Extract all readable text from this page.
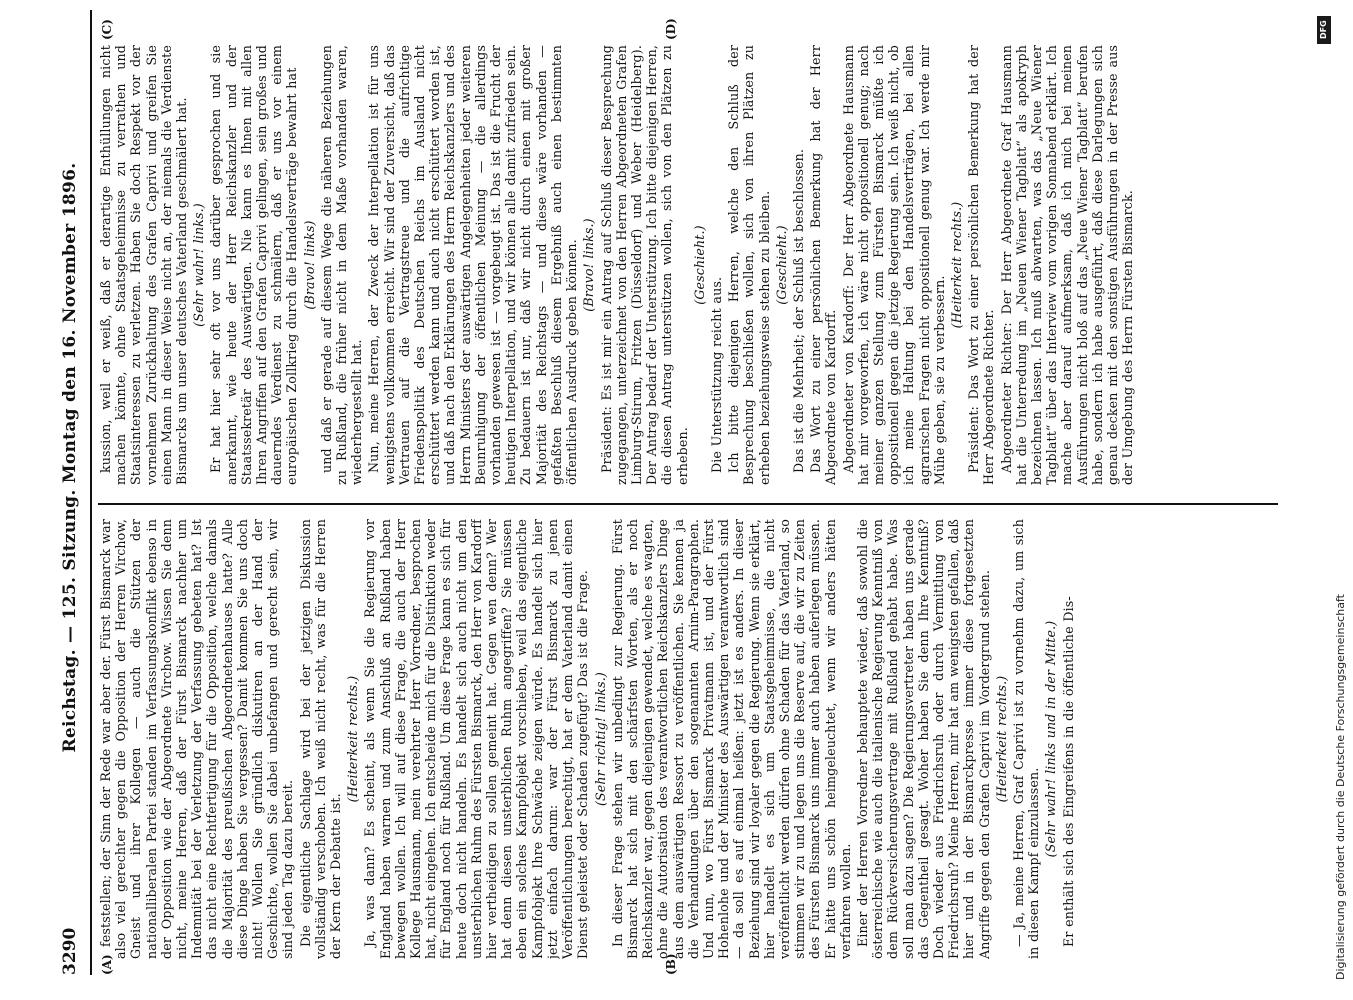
3290
Reichstag. — 125. Sitzung. Montag den 16. November 1896.
(A)	(B)
(C)	(D)

feststellen; der Sinn der Rede war aber der. Fürst Bismarck war also viel gerechter gegen die Opposition der Herren Virchow, Gneist und ihrer Kollegen — auch die Stützen der nationalliberalen Partei standen im Verfassungskonflikt ebenso in der Opposition wie der Abgeordnete Virchow. Wissen Sie denn nicht, meine Herren, daß der Fürst Bismarck nachher um Indemnität bei der Verletzung der Verfassung gebeten hat? Ist das nicht eine Rechtfertigung für die Opposition, welche damals die Majorität des preußischen Abgeordnetenhauses hatte? Alle diese Dinge haben Sie vergessen? Damit kommen Sie uns doch nicht! Wollen Sie gründlich diskutiren an der Hand der Geschichte, wollen Sie dabei unbefangen und gerecht sein, wir sind jeden Tag dazu bereit. Die eigentliche Sachlage wird bei der jetzigen Diskussion vollständig verschoben. Ich weiß nicht recht, was für die Herren der Kern der Debatte ist.

(Heiterkeit rechts.) Ja, was dann? Es scheint, als wenn Sie die Regierung vor England haben warnen und zum Anschluß an Rußland haben bewegen wollen. Ich will auf diese Frage, die auch der Herr Kollege Hausmann, mein verehrter Herr Vorredner, besprochen hat, nicht eingehen. Ich entscheide mich für die Distinktion weder für England noch für Rußland. Um diese Frage kann es sich für heute doch nicht handeln. Es handelt sich auch nicht um den unsterblichen Ruhm des Fürsten Bismarck, den Herr von Kardorff hier vertheidigen zu sollen gemeint hat. Gegen wen denn? Wer hat denn diesen unsterblichen Ruhm angegriffen? Sie müssen eben ein solches Kampfobjekt vorschieben, weil das eigentliche Kampfobjekt Ihre Schwäche zeigen würde. Es handelt sich hier jetzt einfach darum: war der Fürst Bismarck zu jenen Veröffentlichungen berechtigt, hat er dem Vaterland damit einen Dienst geleistet oder Schaden zugefügt? Das ist die Frage. (Sehr richtig! links.) In dieser Frage stehen wir unbedingt zur Regierung. Fürst Bismarck hat sich mit den schärfsten Worten, als er noch Reichskanzler war, gegen diejenigen gewendet, welche es wagten, ohne die Autorisation des verantwortlichen Reichskanzlers Dinge aus dem auswärtigen Ressort zu veröffentlichen. Sie kennen ja die Verhandlungen über den sogenannten Arnim-Paragraphen. Und nun, wo Fürst Bismarck Privatmann ist, und der Fürst Hohenlohe und der Minister des Auswärtigen verantwortlich sind — da soll es auf einmal heißen: jetzt ist es anders. In dieser Beziehung sind wir loyaler gegen die Regierung. Wenn sie erklärt, hier handelt es sich um Staatsgeheimnisse, die nicht veröffentlicht werden dürfen ohne Schaden für das Vaterland, so stimmen wir zu und legen uns die Reserve auf, die wir zu Zeiten des Fürsten Bismarck uns immer auch haben auferlegen müssen. Er hätte uns schön heimgeleuchtet, wenn wir anders hätten verfahren wollen. Einer der Herren Vorredner behauptete wieder, daß sowohl die österreichische wie auch die italienische Regierung Kenntniß von dem Rückversicherungsvertrage mit Rußland gehabt habe. Was soll man dazu sagen? Die Regierungsvertreter haben uns gerade das Gegentheil gesagt. Woher haben Sie denn Ihre Kenntniß? Doch wieder aus Friedrichsruh oder durch Vermittlung von Friedrichsruh? Meine Herren, mir hat am wenigsten gefallen, daß hier und in der Bismarckpresse immer diese fortgesetzten Angriffe gegen den Grafen Caprivi im Vordergrund stehen. (Heiterkeit rechts.) — Ja, meine Herren, Graf Caprivi ist zu vornehm dazu, um sich in diesen Kampf einzulassen.

(Sehr wahr! links und in der Mitte.) Er enthält sich des Eingreifens in die öffentliche Dis-

kussion, weil er weiß, daß er derartige Enthüllungen nicht machen könnte, ohne Staatsgeheimnisse zu verrathen und Staatsinteressen zu verletzen. Haben Sie doch Respekt vor der vornehmen Zurückhaltung des Grafen Caprivi und greifen Sie einen Mann in dieser Weise nicht an, der niemals die Verdienste Bismarcks um unser deutsches Vaterland geschmälert hat. (Sehr wahr! links.) Er hat hier sehr oft vor uns darüber gesprochen und sie anerkannt, wie heute der Herr Reichskanzler und der Staatssekretär des Auswärtigen. Nie kann es Ihnen mit allen Ihren Angriffen auf den Grafen Caprivi gelingen, sein großes und dauerndes Verdienst zu schmälern, daß er uns vor einem europäischen Zollkrieg durch die Handelsverträge bewahrt hat (Bravo! links) und daß er gerade auf diesem Wege die näheren Beziehungen zu Rußland, die früher nicht in dem Maße vorhanden waren, wiederhergestellt hat. Nun, meine Herren, der Zweck der Interpellation ist für uns wenigstens vollkommen erreicht. Wir sind der Zuversicht, daß das Vertrauen auf die Vertragstreue und die aufrichtige Friedenspolitik des Deutschen Reichs im Ausland nicht erschüttert werden kann und auch nicht erschüttert worden ist, und daß nach den Erklärungen des Herrn Reichskanzlers und des Herrn Ministers der auswärtigen Angelegenheiten jeder weiteren Beunruhigung der öffentlichen Meinung — die allerdings vorhanden gewesen ist — vorgebeugt ist. Das ist die Frucht der heutigen Interpellation, und wir können alle damit zufrieden sein. Zu bedauern ist nur, daß wir nicht durch einen mit großer Majorität des Reichstags — und diese wäre vorhanden — gefaßten Beschluß diesem Ergebniß auch einen bestimmten öffentlichen Ausdruck geben können. (Bravo! links.) Präsident: Es ist mir ein Antrag auf Schluß dieser Besprechung zugegangen, unterzeichnet von den Herren Abgeordneten Grafen Limburg-Stirum, Fritzen (Düsseldorf) und Weber (Heidelberg). Der Antrag bedarf der Unterstützung. Ich bitte diejenigen Herren, die diesen Antrag unterstützen wollen, sich von den Plätzen zu erheben.

(Geschieht.)

Die Unterstützung reicht aus. Ich bitte diejenigen Herren, welche den Schluß der Besprechung beschließen wollen, sich von ihren Plätzen zu erheben beziehungsweise stehen zu bleiben. (Geschieht.) Das ist die Mehrheit; der Schluß ist beschlossen. Das Wort zu einer persönlichen Bemerkung hat der Herr Abgeordnete von Kardorff. Abgeordneter von Kardorff: Der Herr Abgeordnete Hausmann hat mir vorgeworfen, ich wäre nicht oppositionell genug; nach meiner ganzen Stellung zum Fürsten Bismarck müßte ich oppositionell gegen die jetzige Regierung sein. Ich weiß nicht, ob ich meine Haltung bei den Handelsverträgen, bei allen agrarischen Fragen nicht oppositionell genug war. Ich werde mir Mühe geben, sie zu verbessern.

(Heiterkeit rechts.) Präsident: Das Wort zu einer persönlichen Bemerkung hat der Herr Abgeordnete Richter. Abgeordneter Richter: Der Herr Abgeordnete Graf Hausmann hat die Unterredung im „Neuen Wiener Tagblatt“ als apokryph bezeichnen lassen. Ich muß abwarten, was das „Neue Wiener Tagblatt“ über das Interview vom vorigen Sonnabend erklärt. Ich mache aber darauf aufmerksam, daß ich mich bei meinen Ausführungen nicht bloß auf das „Neue Wiener Tagblatt“ berufen habe, sondern ich habe ausgeführt, daß diese Darlegungen sich genau decken mit den sonstigen Ausführungen in der Presse aus der Umgebung des Herrn Fürsten Bismarck.

DFG
Digitalisierung gefördert durch die Deutsche Forschungsgemeinschaft
